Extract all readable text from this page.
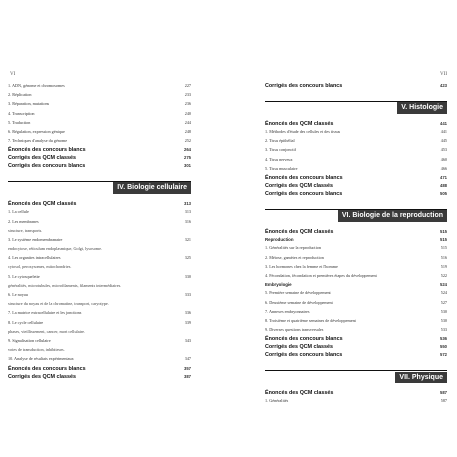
VI
1. ADN, génome et chromosomes	227
2. Réplication	233
3. Réparation, mutations	236
4. Transcription	240
5. Traduction	244
6. Régulation, expression génique	248
7. Techniques d'analyse du génome	252
Énoncés des concours blancs	264
Corrigés des QCM classés	275
Corrigés des concours blancs	301
IV. Biologie cellulaire
Énoncés des QCM classés	313
1. La cellule	313
2. Les membranes	316
structure, transports.
3. Le système endomembranaire	321
endocytose, réticulum endoplasmique, Golgi, lysosome.
4. Les organites intracellulaires	325
cytosol, peroxysomes, mitochondries.
5. Le cytosquelette	330
généralités, microtubules, microfilaments, filaments intermédiaires.
6. Le noyau	333
structure du noyau et de la chromatine, transport, caryotype.
7. La matrice extracellulaire et les jonctions	336
8. Le cycle cellulaire	339
phases, vieillissement, cancer, mort cellulaire.
9. Signalisation cellulaire	343
voies de transduction, inhibiteurs.
10. Analyse de résultats expérimentaux	347
Énoncés des concours blancs	357
Corrigés des QCM classés	387
VII
Corrigés des concours blancs	423
V. Histologie
Énoncés des QCM classés	441
1. Méthodes d'étude des cellules et des tissus	441
2. Tissu épithélial	445
3. Tissu conjonctif	453
4. Tissu nerveux	460
5. Tissu musculaire	466
Énoncés des concours blancs	471
Corrigés des QCM classés	488
Corrigés des concours blancs	505
VI. Biologie de la reproduction
Énoncés des QCM classés	515
Reproduction	515
1. Généralités sur la reproduction	515
2. Méiose, gamètes et reproduction	516
3. Les hormones chez la femme et l'homme	519
4. Fécondation, fécondation et premières étapes du développement	522
Embryologie	524
5. Première semaine de développement	524
6. Deuxième semaine de développement	527
7. Annexes embryonnaires	530
8. Troisième et quatrième semaines de développement	530
9. Diverses questions transversales	533
Énoncés des concours blancs	536
Corrigés des QCM classés	550
Corrigés des concours blancs	572
VII. Physique
Énoncés des QCM classés	587
1. Généralités	587
